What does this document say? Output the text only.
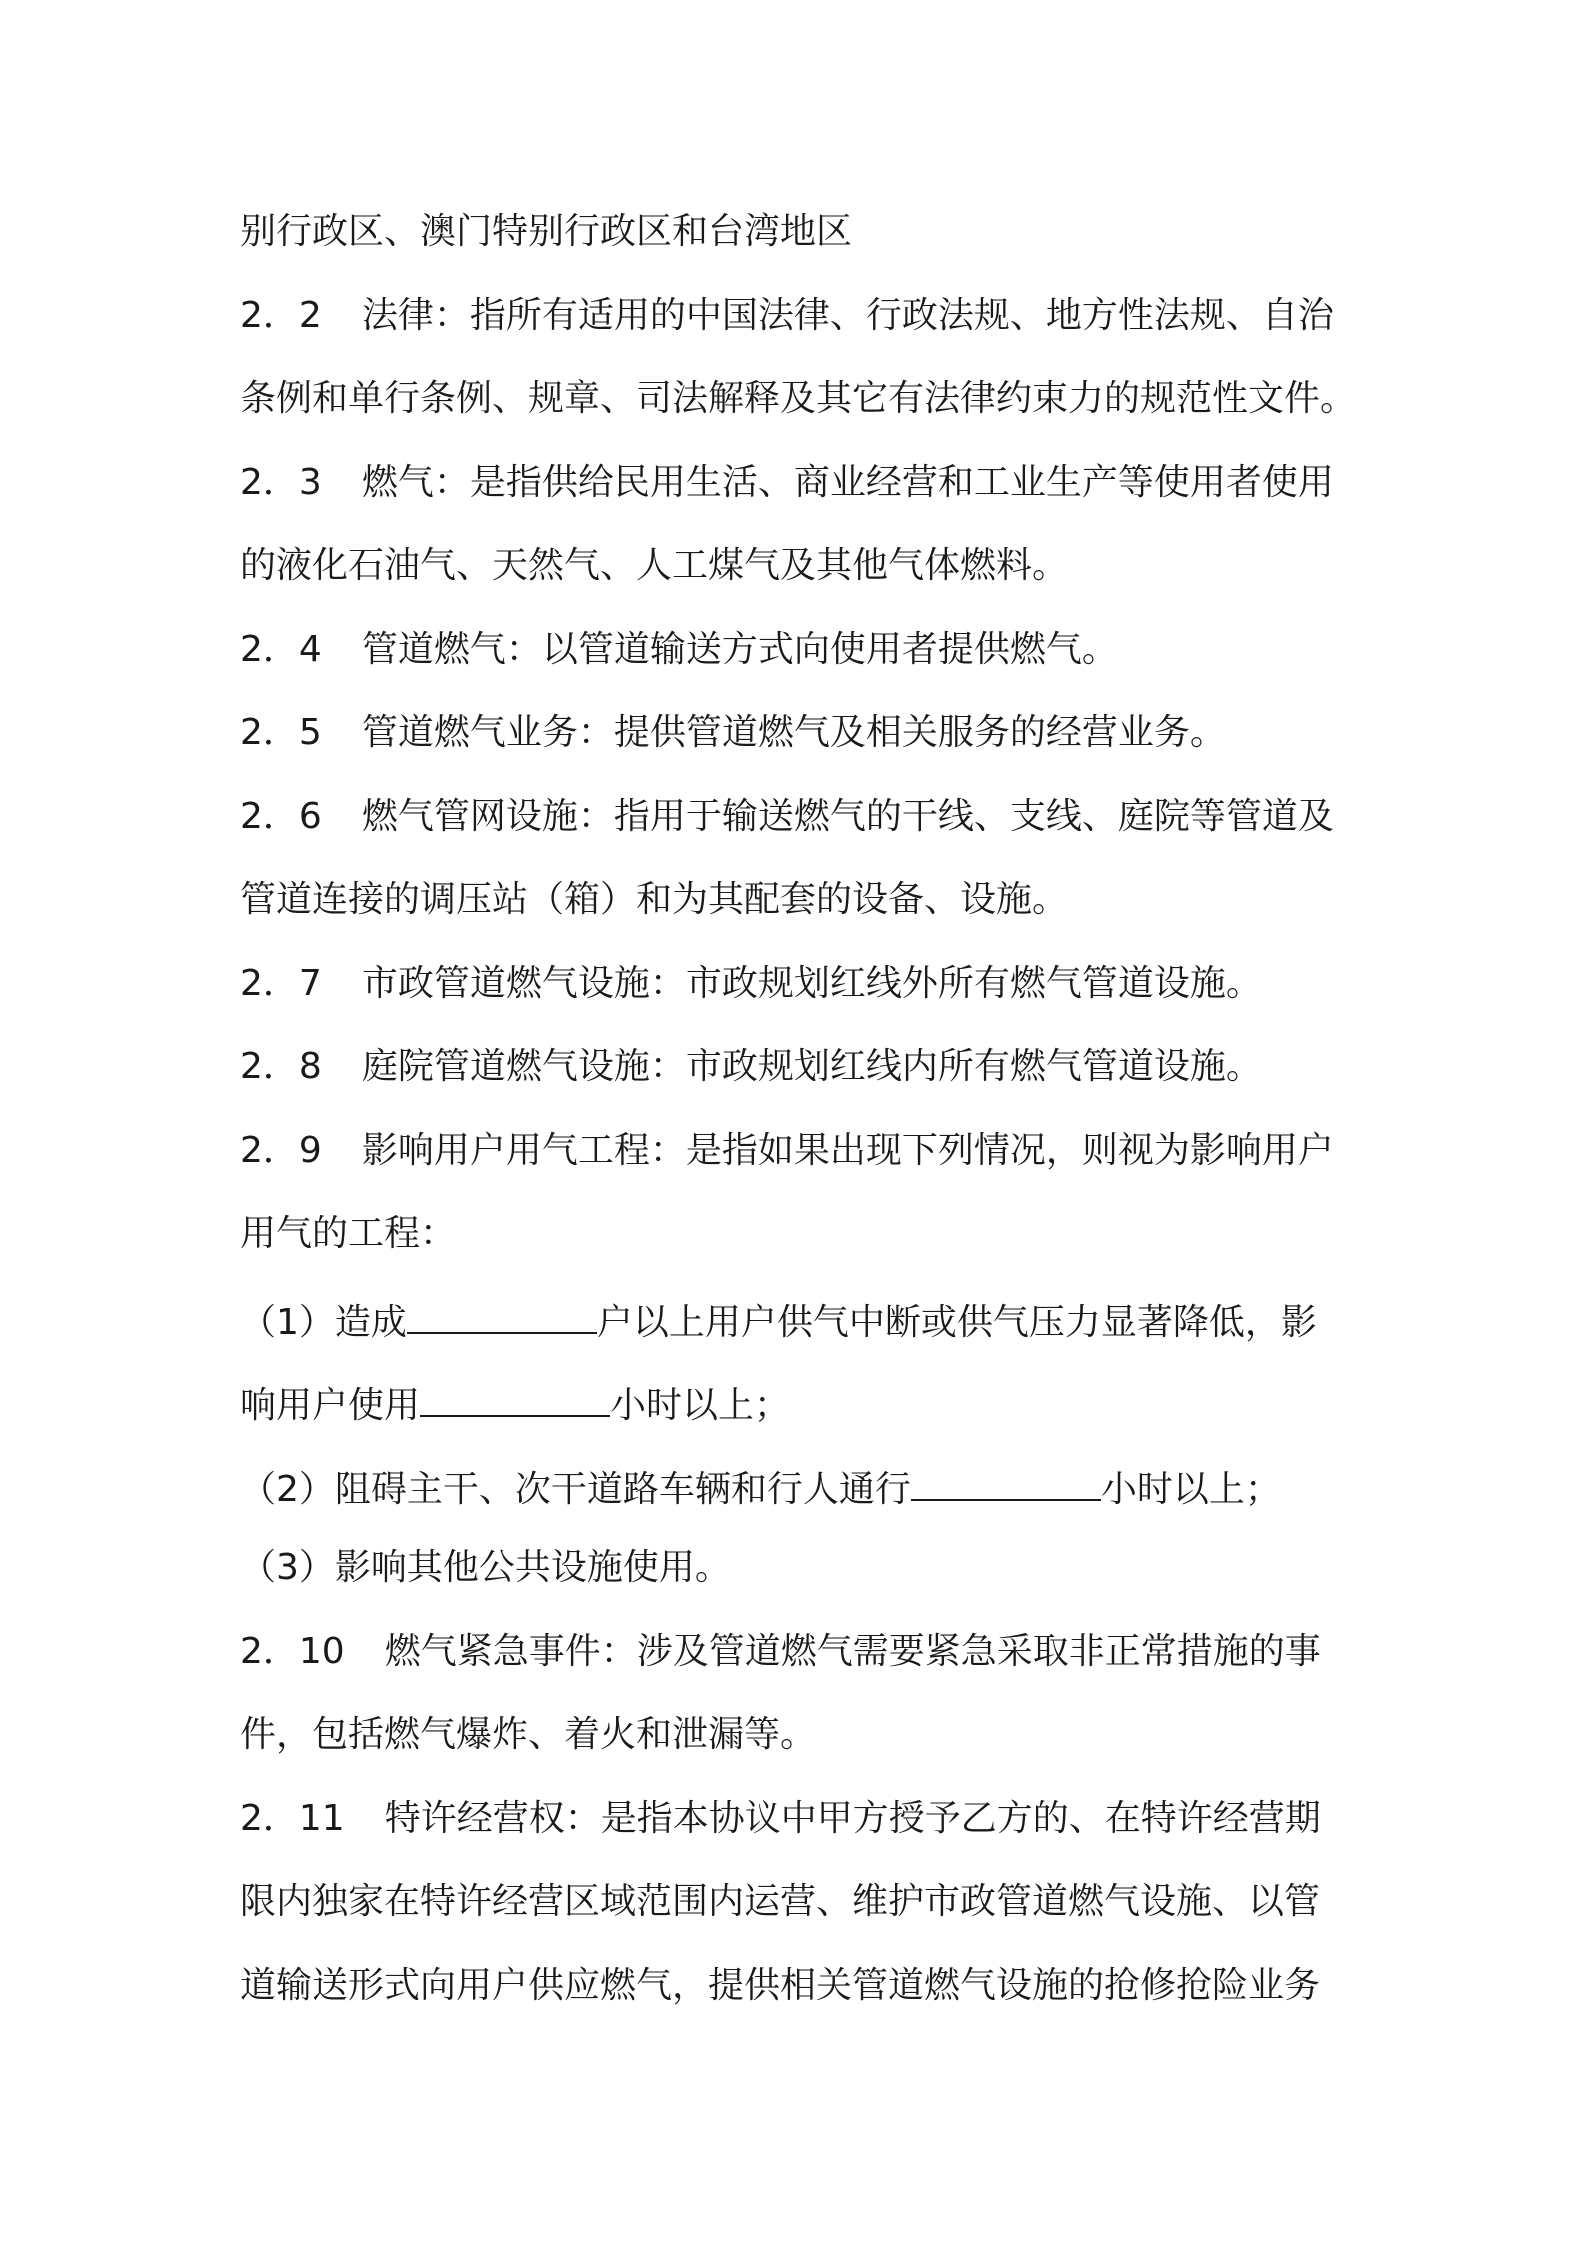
别行政区、澳门特别行政区和台湾地区
2．2 法律：指所有适用的中国法律、行政法规、地方性法规、自治
条例和单行条例、规章、司法解释及其它有法律约束力的规范性文件。
2．3 燃气：是指供给民用生活、商业经营和工业生产等使用者使用
的液化石油气、天然气、人工煤气及其他气体燃料。
2．4 管道燃气：以管道输送方式向使用者提供燃气。
2．5 管道燃气业务：提供管道燃气及相关服务的经营业务。
2．6 燃气管网设施：指用于输送燃气的干线、支线、庭院等管道及
管道连接的调压站（箱）和为其配套的设备、设施。
2．7 市政管道燃气设施：市政规划红线外所有燃气管道设施。
2．8 庭院管道燃气设施：市政规划红线内所有燃气管道设施。
2．9 影响用户用气工程：是指如果出现下列情况，则视为影响用户
用气的工程：
（1）造成	户以上用户供气中断或供气压力显著降低，影
响用户使用	小时以上；
（2）阻碍主干、次干道路车辆和行人通行	小时以上；
（3）影响其他公共设施使用。
2．10 燃气紧急事件：涉及管道燃气需要紧急采取非正常措施的事
件，包括燃气爆炸、着火和泄漏等。
2．11 特许经营权：是指本协议中甲方授予乙方的、在特许经营期
限内独家在特许经营区域范围内运营、维护市政管道燃气设施、以管
道输送形式向用户供应燃气，提供相关管道燃气设施的抢修抢险业务
